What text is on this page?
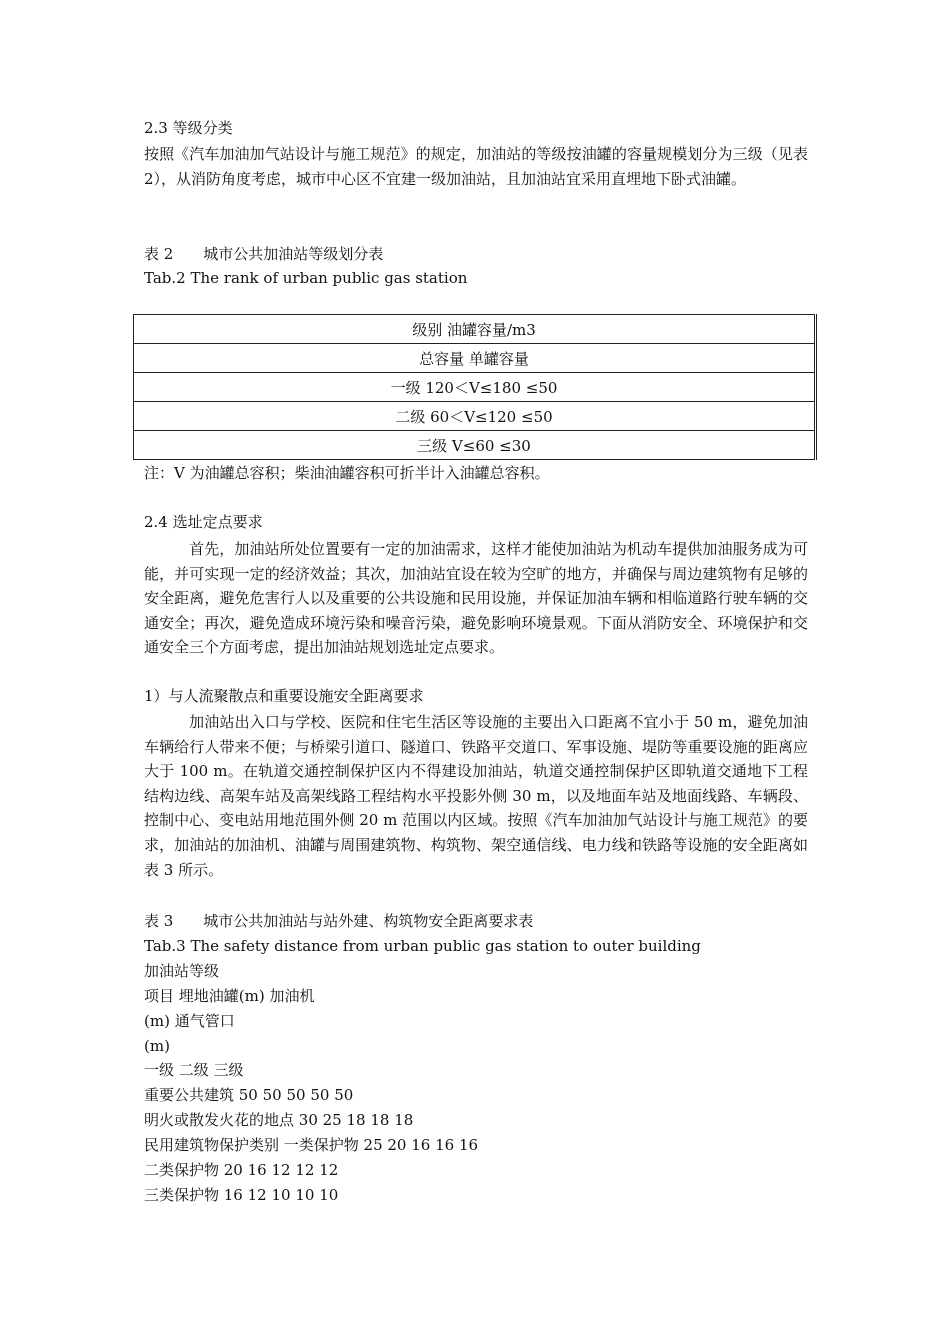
2.3 等级分类
按照《汽车加油加气站设计与施工规范》的规定，加油站的等级按油罐的容量规模划分为三级（见表 2），从消防角度考虑，城市中心区不宜建一级加油站，且加油站宜采用直埋地下卧式油罐。
表 2　　城市公共加油站等级划分表
Tab.2 The rank of urban public gas station
级别 油罐容量/m3
总容量 单罐容量
一级 120＜V≤180 ≤50
二级 60＜V≤120 ≤50
三级 V≤60 ≤30
注：V 为油罐总容积；柴油油罐容积可折半计入油罐总容积。
2.4 选址定点要求
首先，加油站所处位置要有一定的加油需求，这样才能使加油站为机动车提供加油服务成为可能，并可实现一定的经济效益；其次，加油站宜设在较为空旷的地方，并确保与周边建筑物有足够的安全距离，避免危害行人以及重要的公共设施和民用设施，并保证加油车辆和相临道路行驶车辆的交通安全；再次，避免造成环境污染和噪音污染，避免影响环境景观。下面从消防安全、环境保护和交通安全三个方面考虑，提出加油站规划选址定点要求。
1）与人流聚散点和重要设施安全距离要求
加油站出入口与学校、医院和住宅生活区等设施的主要出入口距离不宜小于 50 m，避免加油车辆给行人带来不便；与桥梁引道口、隧道口、铁路平交道口、军事设施、堤防等重要设施的距离应大于 100 m。在轨道交通控制保护区内不得建设加油站，轨道交通控制保护区即轨道交通地下工程结构边线、高架车站及高架线路工程结构水平投影外侧 30 m，以及地面车站及地面线路、车辆段、控制中心、变电站用地范围外侧 20 m 范围以内区域。按照《汽车加油加气站设计与施工规范》的要求，加油站的加油机、油罐与周围建筑物、构筑物、架空通信线、电力线和铁路等设施的安全距离如表 3 所示。
表 3　　城市公共加油站与站外建、构筑物安全距离要求表
Tab.3 The safety distance from urban public gas station to outer building
加油站等级
项目 埋地油罐(m) 加油机
(m) 通气管口
(m)
一级 二级 三级
重要公共建筑 50 50 50 50 50
明火或散发火花的地点 30 25 18 18 18
民用建筑物保护类别 一类保护物 25 20 16 16 16
二类保护物 20 16 12 12 12
三类保护物 16 12 10 10 10
